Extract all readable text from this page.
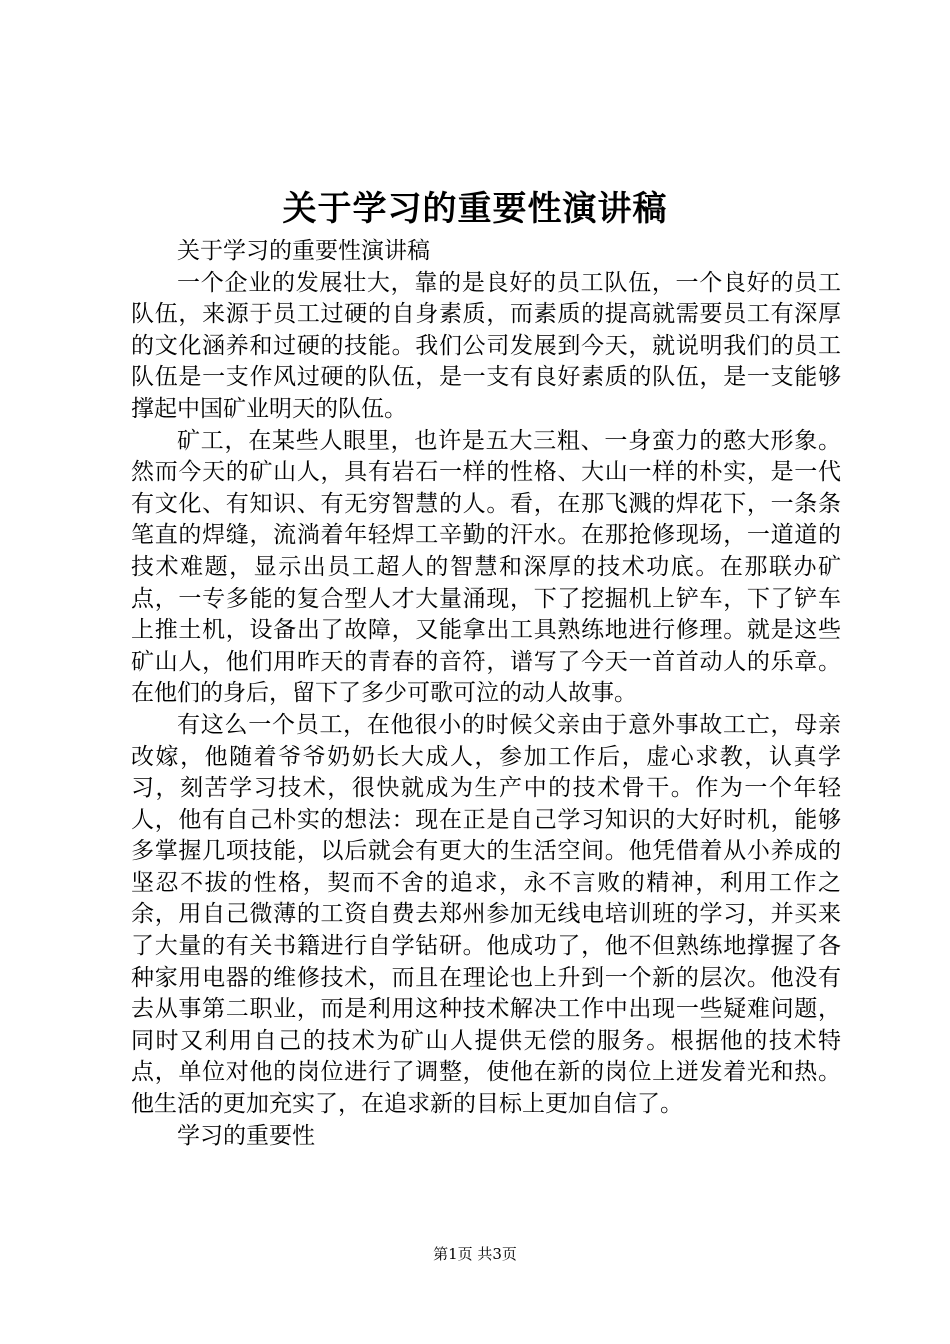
关于学习的重要性演讲稿

关于学习的重要性演讲稿

一个企业的发展壮大，靠的是良好的员工队伍，一个良好的员工队伍，来源于员工过硬的自身素质，而素质的提高就需要员工有深厚的文化涵养和过硬的技能。我们公司发展到今天，就说明我们的员工队伍是一支作风过硬的队伍，是一支有良好素质的队伍，是一支能够撑起中国矿业明天的队伍。

矿工，在某些人眼里，也许是五大三粗、一身蛮力的憨大形象。然而今天的矿山人，具有岩石一样的性格、大山一样的朴实，是一代有文化、有知识、有无穷智慧的人。看，在那飞溅的焊花下，一条条笔直的焊缝，流淌着年轻焊工辛勤的汗水。在那抢修现场，一道道的技术难题，显示出员工超人的智慧和深厚的技术功底。在那联办矿点，一专多能的复合型人才大量涌现，下了挖掘机上铲车，下了铲车上推土机，设备出了故障，又能拿出工具熟练地进行修理。就是这些矿山人，他们用昨天的青春的音符，谱写了今天一首首动人的乐章。在他们的身后，留下了多少可歌可泣的动人故事。

有这么一个员工，在他很小的时候父亲由于意外事故工亡，母亲改嫁，他随着爷爷奶奶长大成人，参加工作后，虚心求教，认真学习，刻苦学习技术，很快就成为生产中的技术骨干。作为一个年轻人，他有自己朴实的想法：现在正是自己学习知识的大好时机，能够多掌握几项技能，以后就会有更大的生活空间。他凭借着从小养成的坚忍不拔的性格，契而不舍的追求，永不言败的精神，利用工作之余，用自己微薄的工资自费去郑州参加无线电培训班的学习，并买来了大量的有关书籍进行自学钻研。他成功了，他不但熟练地撑握了各种家用电器的维修技术，而且在理论也上升到一个新的层次。他没有去从事第二职业，而是利用这种技术解决工作中出现一些疑难问题，同时又利用自己的技术为矿山人提供无偿的服务。根据他的技术特点，单位对他的岗位进行了调整，使他在新的岗位上迸发着光和热。他生活的更加充实了，在追求新的目标上更加自信了。

学习的重要性

第1页 共3页
